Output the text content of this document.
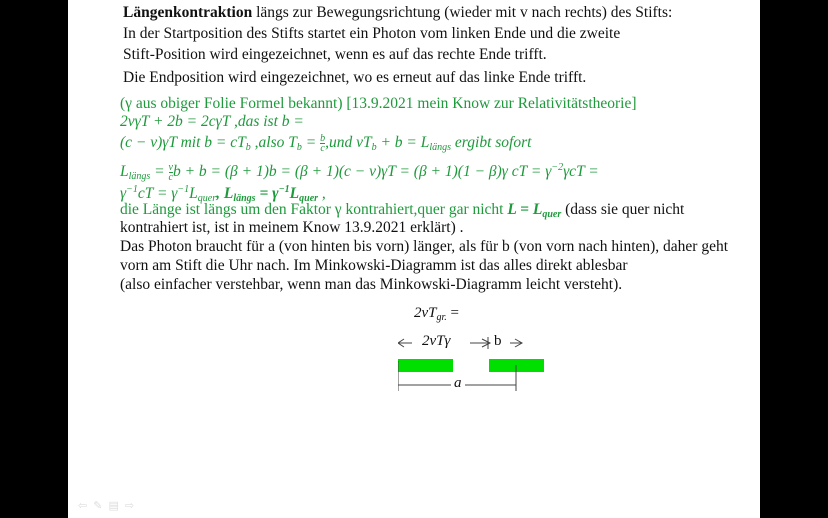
Längenkontraktion längs zur Bewegungsrichtung (wieder mit v nach rechts) des Stifts:
In der Startposition des Stifts startet ein Photon vom linken Ende und die zweite
Stift-Position wird eingezeichnet, wenn es auf das rechte Ende trifft.
Die Endposition wird eingezeichnet, wo es erneut auf das linke Ende trifft.
(γ aus obiger Folie Formel bekannt) [13.9.2021 mein Know zur Relativitätstheorie]
2vγT + 2b = 2cγT ,das ist b =
(c − v)γT mit $b = cT_b$ ,also $T_b = \frac{b}{c} ,und$ $vT_b + b = L_{längs}$ ergibt sofort
$L_{längs} = \frac{v}{c}$ b + b = (β + 1)b = (β + 1)(c − v)γT = (β + 1)(1 − β)γ cT = $\gamma^{-2}\gamma cT$ =
$\gamma^{-1}cT = \gamma^{-1}L_{quer}$, $L_{längs} = \gamma^{-1}L_{quer}$ ,
die Länge ist längs um den Faktor γ kontrahiert,quer gar nicht $L = L_{quer}$ (dass sie quer nicht
kontrahiert ist, ist in meinem Know 13.9.2021 erklärt) .
Das Photon braucht für a (von hinten bis vorn) länger, als für b (von vorn nach hinten), daher geht
vorn am Stift die Uhr nach. Im Minkowski-Diagramm ist das alles direkt ablesbar
(also einfacher verstehbar, wenn man das Minkowski-Diagramm leicht versteht).
$2vT_{gr.}$ =
2vTγ	b
a
⇦ ✎ ▤ ⇨
